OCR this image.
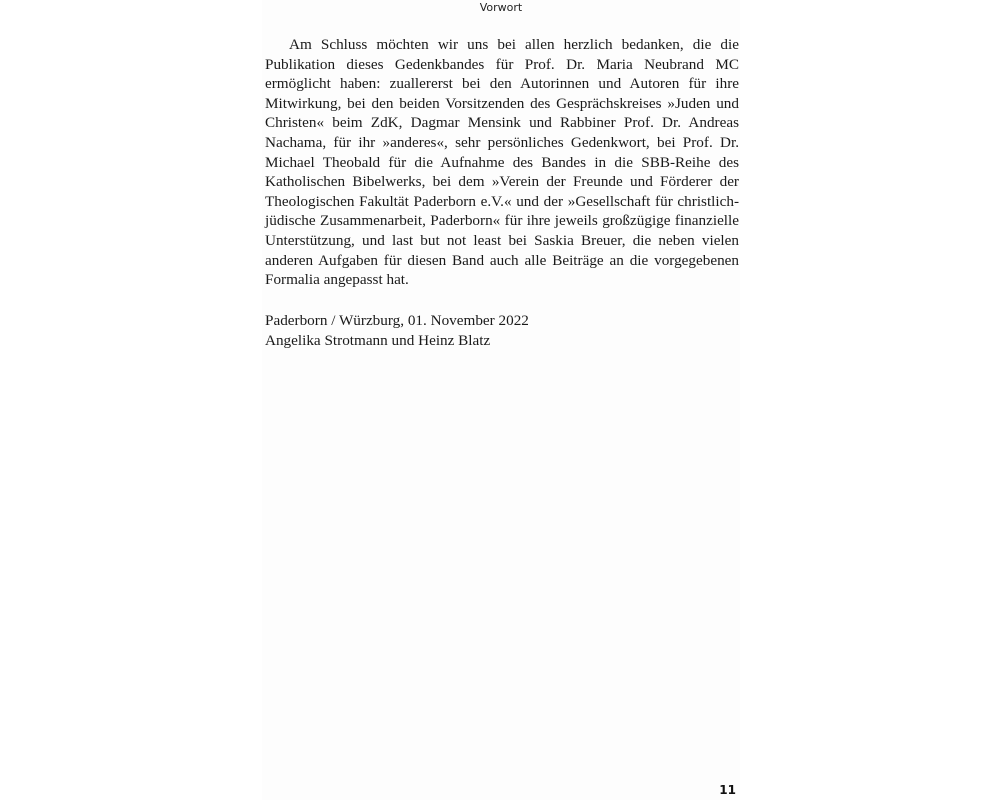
Vorwort

Am Schluss möchten wir uns bei allen herzlich bedanken, die die Publikation dieses Gedenkbandes für Prof. Dr. Maria Neubrand MC ermöglicht haben: zuallererst bei den Autorinnen und Autoren für ihre Mitwirkung, bei den beiden Vorsitzenden des Gesprächskreises »Juden und Christen« beim ZdK, Dagmar Mensink und Rabbiner Prof. Dr. Andreas Nachama, für ihr »anderes«, sehr persönliches Gedenkwort, bei Prof. Dr. Michael Theobald für die Aufnahme des Bandes in die SBB-Reihe des Katholischen Bibelwerks, bei dem »Verein der Freunde und Förderer der Theologischen Fakultät Paderborn e.V.« und der »Gesellschaft für christlich-jüdische Zusammenarbeit, Paderborn« für ihre jeweils großzügige finanzielle Unterstützung, und last but not least bei Saskia Breuer, die neben vielen anderen Aufgaben für diesen Band auch alle Beiträge an die vorgegebenen Formalia angepasst hat.

Paderborn / Würzburg, 01. November 2022
Angelika Strotmann und Heinz Blatz
11
